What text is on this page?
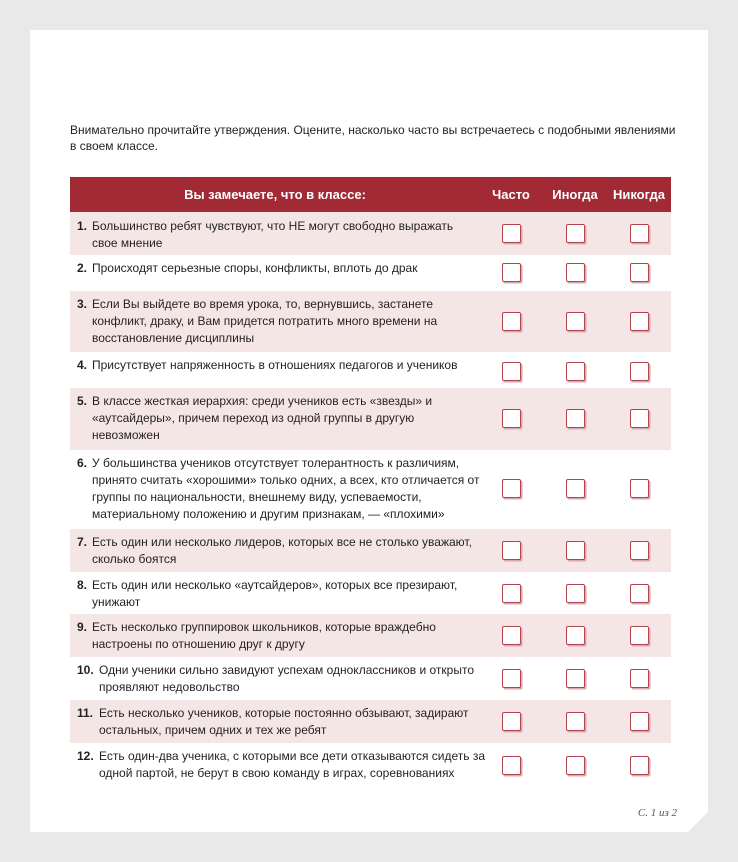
Внимательно прочитайте утверждения. Оцените, насколько часто вы встречаетесь с подобными явлениями в своем классе.
Вы замечаете, что в классе:	Часто	Иногда	Никогда
1. Большинство ребят чувствуют, что НЕ могут свободно выражать свое мнение
2. Происходят серьезные споры, конфликты, вплоть до драк
3. Если Вы выйдете во время урока, то, вернувшись, застанете конфликт, драку, и Вам придется потратить много времени на восстановление дисциплины
4. Присутствует напряженность в отношениях педагогов и учеников
5. В классе жесткая иерархия: среди учеников есть «звезды» и «аутсайдеры», причем переход из одной группы в другую невозможен
6. У большинства учеников отсутствует толерантность к различиям, принято считать «хорошими» только одних, а всех, кто отличается от группы по национальности, внешнему виду, успеваемости, материальному положению и другим признакам, — «плохими»
7. Есть один или несколько лидеров, которых все не столько уважают, сколько боятся
8. Есть один или несколько «аутсайдеров», которых все презирают, унижают
9. Есть несколько группировок школьников, которые враждебно настроены по отношению друг к другу
10. Одни ученики сильно завидуют успехам одноклассников и открыто проявляют недовольство
11. Есть несколько учеников, которые постоянно обзывают, задирают остальных, причем одних и тех же ребят
12. Есть один-два ученика, с которыми все дети отказываются сидеть за одной партой, не берут в свою команду в играх, соревнованиях
С. 1 из 2
